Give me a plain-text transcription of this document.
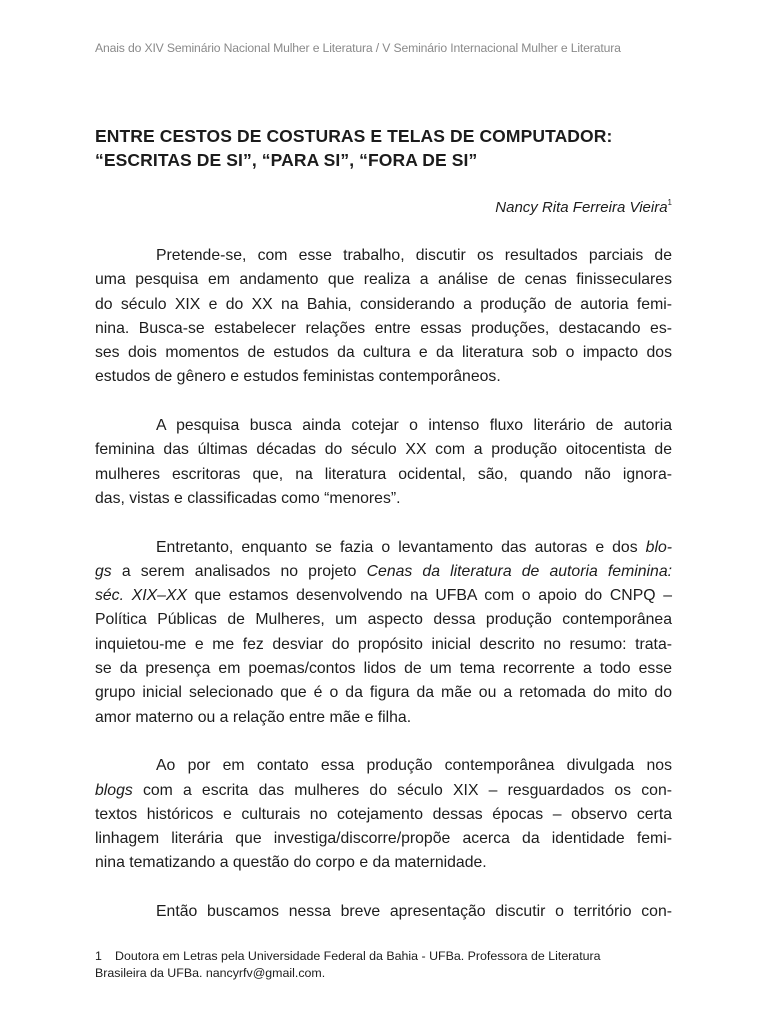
Anais do XIV Seminário Nacional Mulher e Literatura / V Seminário Internacional Mulher e Literatura
ENTRE CESTOS DE COSTURAS E TELAS DE COMPUTADOR:
“ESCRITAS DE SI”, “PARA SI”, “FORA DE SI”
Nancy Rita Ferreira Vieira$^1$

Pretende-se, com esse trabalho, discutir os resultados parciais de
uma pesquisa em andamento que realiza a análise de cenas finisseculares
do século XIX e do XX na Bahia, considerando a produção de autoria femi-
nina. Busca-se estabelecer relações entre essas produções, destacando es-
ses dois momentos de estudos da cultura e da literatura sob o impacto dos
estudos de gênero e estudos feministas contemporâneos.

A pesquisa busca ainda cotejar o intenso fluxo literário de autoria
feminina das últimas décadas do século XX com a produção oitocentista de
mulheres escritoras que, na literatura ocidental, são, quando não ignora-
das, vistas e classificadas como “menores”.

Entretanto, enquanto se fazia o levantamento das autoras e dos blo-
gs a serem analisados no projeto Cenas da literatura de autoria feminina:
séc. XIX–XX que estamos desenvolvendo na UFBA com o apoio do CNPQ –
Política Públicas de Mulheres, um aspecto dessa produção contemporânea
inquietou-me e me fez desviar do propósito inicial descrito no resumo: trata-
se da presença em poemas/contos lidos de um tema recorrente a todo esse
grupo inicial selecionado que é o da figura da mãe ou a retomada do mito do
amor materno ou a relação entre mãe e filha.

Ao por em contato essa produção contemporânea divulgada nos
blogs com a escrita das mulheres do século XIX – resguardados os con-
textos históricos e culturais no cotejamento dessas épocas – observo certa
linhagem literária que investiga/discorre/propõe acerca da identidade femi-
nina tematizando a questão do corpo e da maternidade.

Então buscamos nessa breve apresentação discutir o território con-

1 Doutora em Letras pela Universidade Federal da Bahia - UFBa. Professora de Literatura
Brasileira da UFBa. nancyrfv@gmail.com.
